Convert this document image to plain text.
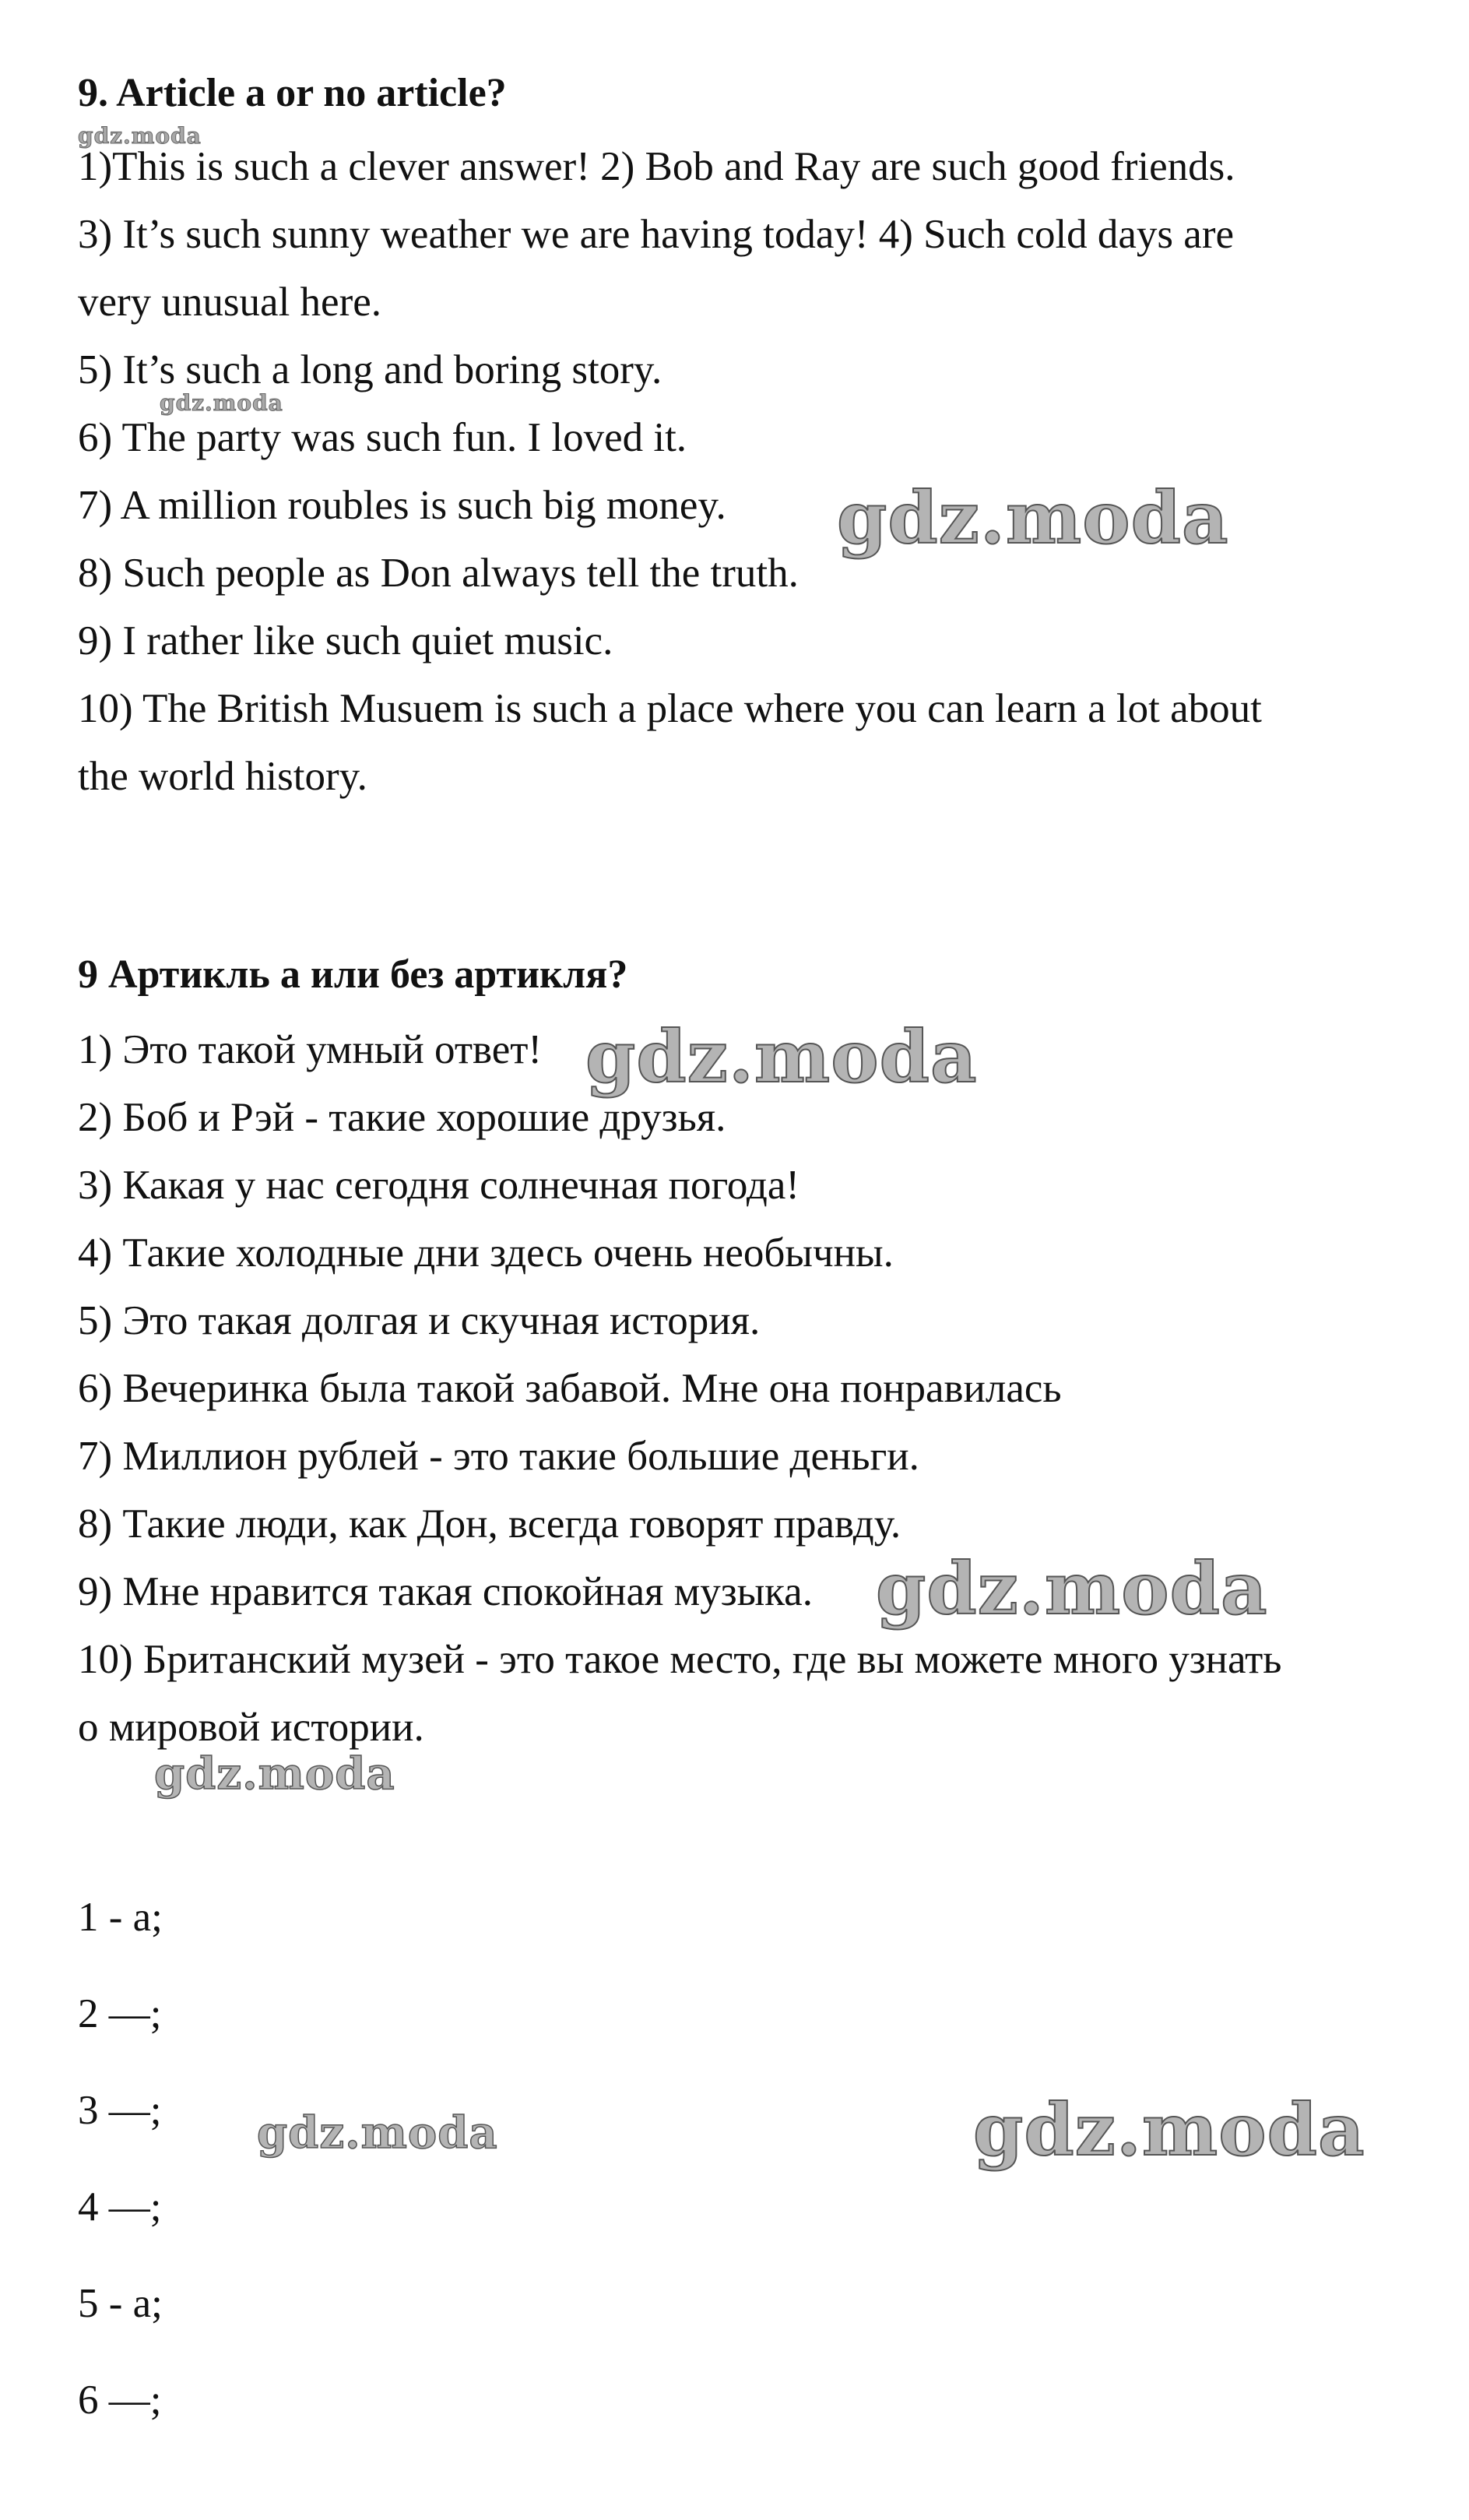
9. Article a or no article?
1)This is such a clever answer! 2) Bob and Ray are such good friends.
3) It’s such sunny weather we are having today! 4) Such cold days are
very unusual here.
5) It’s such a long and boring story.
6) The party was such fun. I loved it.
7) A million roubles is such big money.
8) Such people as Don always tell the truth.
9) I rather like such quiet music.
10) The British Musuem is such a place where you can learn a lot about
the world history.
9 Артикль а или без артикля?
1) Это такой умный ответ!
2) Боб и Рэй - такие хорошие друзья.
3) Какая у нас сегодня солнечная погода!
4) Такие холодные дни здесь очень необычны.
5) Это такая долгая и скучная история.
6) Вечеринка была такой забавой. Мне она понравилась
7) Миллион рублей - это такие большие деньги.
8) Такие люди, как Дон, всегда говорят правду.
9) Мне нравится такая спокойная музыка.
10) Британский музей - это такое место, где вы можете много узнать
о мировой истории.
1 - a;
2 —;
3 —;
4 —;
5 - a;
6 —;
gdz.moda
gdz.moda
gdz.moda
gdz.moda
gdz.moda
gdz.moda
gdz.moda	gdz.moda
